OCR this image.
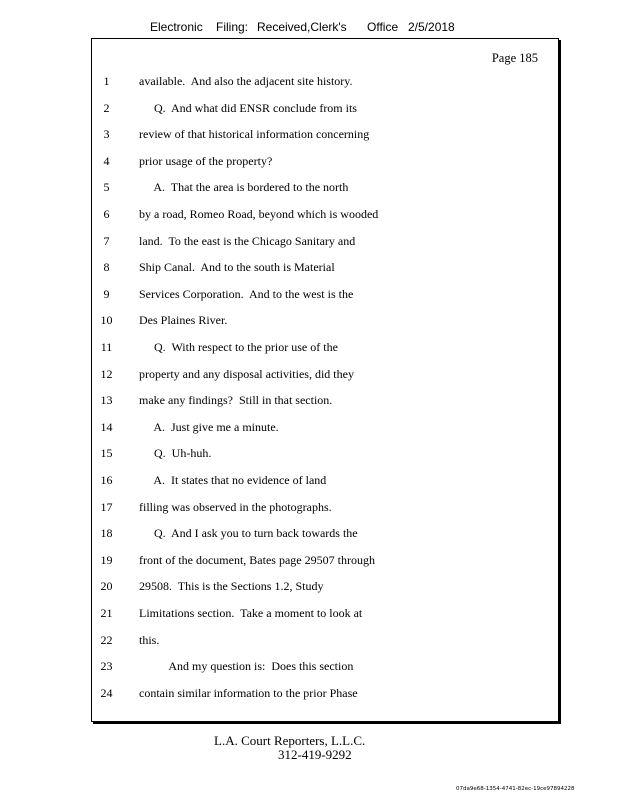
Electronic

Filing:

Received,Clerk's

Office

2/5/2018

Page 185
1	available.  And also the adjacent site history.
2	Q.  And what did ENSR conclude from its
3	review of that historical information concerning
4	prior usage of the property?
5	A.  That the area is bordered to the north
6	by a road, Romeo Road, beyond which is wooded
7	land.  To the east is the Chicago Sanitary and
8	Ship Canal.  And to the south is Material
9	Services Corporation.  And to the west is the
10	Des Plaines River.
11	Q.  With respect to the prior use of the
12	property and any disposal activities, did they
13	make any findings?  Still in that section.
14	A.  Just give me a minute.
15	Q.  Uh-huh.
16	A.  It states that no evidence of land
17	filling was observed in the photographs.
18	Q.  And I ask you to turn back towards the
19	front of the document, Bates page 29507 through
20	29508.  This is the Sections 1.2, Study
21	Limitations section.  Take a moment to look at
22	this.
23	And my question is:  Does this section
24	contain similar information to the prior Phase
L.A. Court Reporters, L.L.C.
312-419-9292
07da9e68-1354-4741-82ec-19ce97894228
